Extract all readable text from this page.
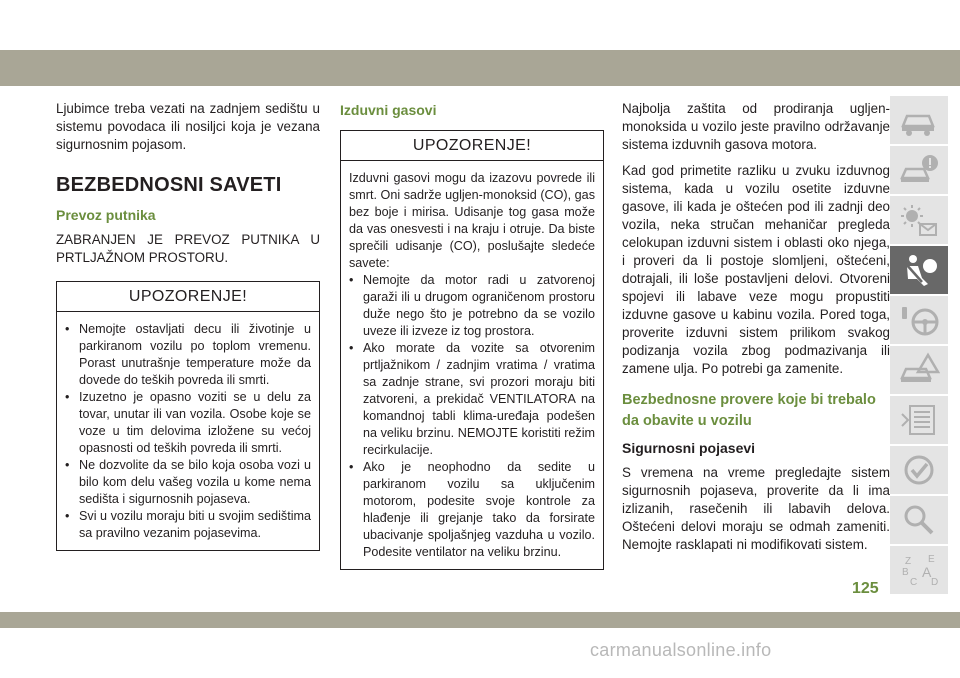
Ljubimce treba vezati na zadnjem sedištu u sistemu povodaca ili nosiljci koja je vezana sigurnosnim pojasom.

BEZBEDNOSNI SAVETI
Prevoz putnika

ZABRANJEN JE PREVOZ PUTNIKA U PRTLJAŽNOM PROSTORU.

UPOZORENJE!
• Nemojte ostavljati decu ili životinje u parkiranom vozilu po toplom vremenu. Porast unutrašnje temperature može da dovede do teških povreda ili smrti.
• Izuzetno je opasno voziti se u delu za tovar, unutar ili van vozila. Osobe koje se voze u tim delovima izložene su većoj opasnosti od teških povreda ili smrti.
• Ne dozvolite da se bilo koja osoba vozi u bilo kom delu vašeg vozila u kome nema sedišta i sigurnosnih pojaseva.
• Svi u vozilu moraju biti u svojim sedištima sa pravilno vezanim pojasevima.
Izduvni gasovi
UPOZORENJE!

Izduvni gasovi mogu da izazovu povrede ili smrt. Oni sadrže ugljen-monoksid (CO), gas bez boje i mirisa. Udisanje tog gasa može da vas onesvesti i na kraju i otruje. Da biste sprečili udisanje (CO), poslušajte sledeće savete:

• Nemojte da motor radi u zatvorenoj garaži ili u drugom ograničenom prostoru duže nego što je potrebno da se vozilo uveze ili izveze iz tog prostora.
• Ako morate da vozite sa otvorenim prtljažnikom / zadnjim vratima / vratima sa zadnje strane, svi prozori moraju biti zatvoreni, a prekidač VENTILATORA na komandnoj tabli klima-uređaja podešen na veliku brzinu. NEMOJTE koristiti režim recirkulacije.
• Ako je neophodno da sedite u parkiranom vozilu sa uključenim motorom, podesite svoje kontrole za hlađenje ili grejanje tako da forsirate ubacivanje spoljašnjeg vazduha u vozilo. Podesite ventilator na veliku brzinu.

Najbolja zaštita od prodiranja ugljen-monoksida u vozilo jeste pravilno održavanje sistema izduvnih gasova motora.

Kad god primetite razliku u zvuku izduvnog sistema, kada u vozilu osetite izduvne gasove, ili kada je oštećen pod ili zadnji deo vozila, neka stručan mehaničar pregleda celokupan izduvni sistem i oblasti oko njega, i proveri da li postoje slomljeni, oštećeni, dotrajali, ili loše postavljeni delovi. Otvoreni spojevi ili labave veze mogu propustiti izduvne gasove u kabinu vozila. Pored toga, proverite izduvni sistem prilikom svakog podizanja vozila zbog podmazivanja ili zamene ulja. Po potrebi ga zamenite.

Bezbednosne provere koje bi trebalo da obavite u vozilu
Sigurnosni pojasevi

S vremena na vreme pregledajte sistem sigurnosnih pojaseva, proverite da li ima izlizanih, rasečenih ili labavih delova. Oštećeni delovi moraju se odmah zameniti. Nemojte rasklapati ni modifikovati sistem.

Z E
B A
C D
125
carmanualsonline.info
